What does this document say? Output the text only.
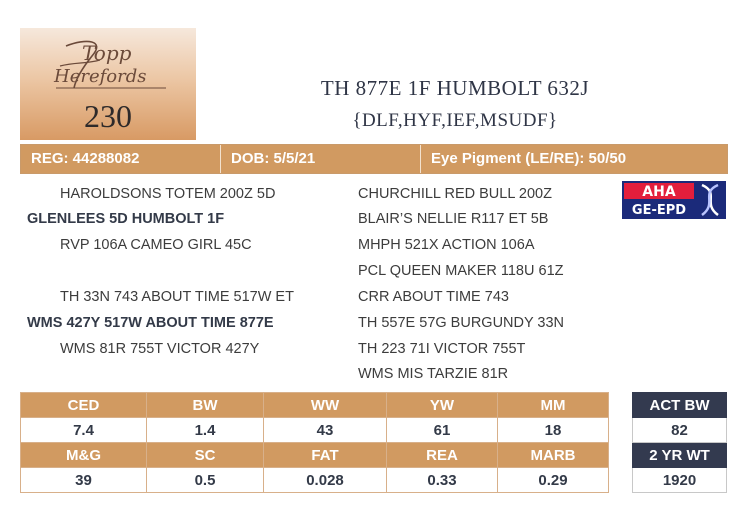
Topp
Herefords
230
TH 877E 1F HUMBOLT 632J
{DLF,HYF,IEF,MSUDF}
REG: 44288082	DOB: 5/5/21	Eye Pigment (LE/RE): 50/50
HAROLDSONS TOTEM 200Z 5D
GLENLEES 5D HUMBOLT 1F
RVP 106A CAMEO GIRL 45C
TH 33N 743 ABOUT TIME 517W ET
WMS 427Y 517W ABOUT TIME 877E
WMS 81R 755T VICTOR 427Y
CHURCHILL RED BULL 200Z
BLAIR’S NELLIE R117 ET 5B
MHPH 521X ACTION 106A
PCL QUEEN MAKER 118U 61Z
CRR ABOUT TIME 743
TH 557E 57G BURGUNDY 33N
TH 223 71I VICTOR 755T
WMS MIS TARZIE 81R
AHA
GE-EPD
CED	BW	WW	YW	MM
7.4	1.4	43	61	18
M&G	SC	FAT	REA	MARB
39	0.5	0.028	0.33	0.29
ACT BW
82
2 YR WT
1920
